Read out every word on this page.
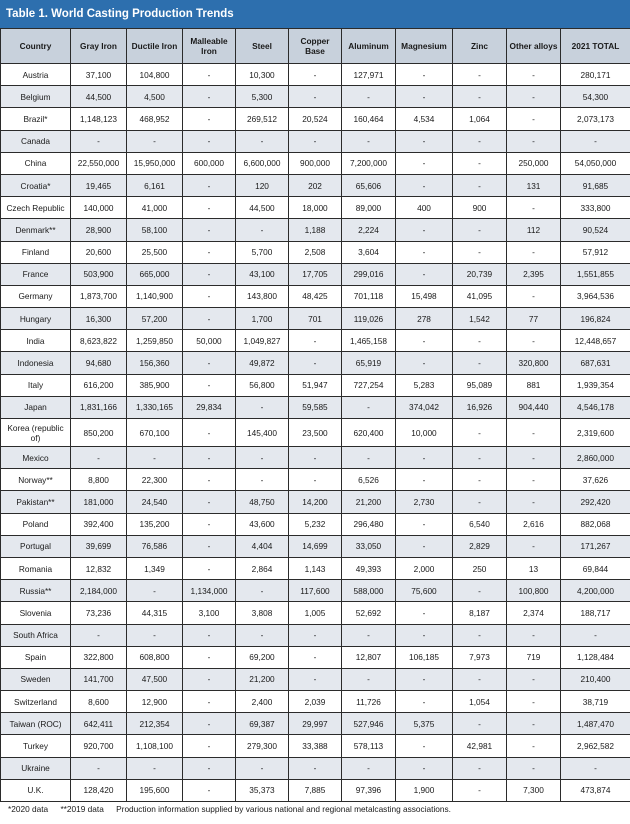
Table 1. World Casting Production Trends
Country	Gray Iron	Ductile Iron	Malleable Iron	Steel	Copper Base	Aluminum	Magnesium	Zinc	Other alloys	2021 TOTAL
Austria	37,100	104,800	-	10,300	-	127,971	-	-	-	280,171
Belgium	44,500	4,500	-	5,300	-	-	-	-	-	54,300
Brazil*	1,148,123	468,952	-	269,512	20,524	160,464	4,534	1,064	-	2,073,173
Canada	-	-	-	-	-	-	-	-	-	-
China	22,550,000	15,950,000	600,000	6,600,000	900,000	7,200,000	-	-	250,000	54,050,000
Croatia*	19,465	6,161	-	120	202	65,606	-	-	131	91,685
Czech Republic	140,000	41,000	-	44,500	18,000	89,000	400	900	-	333,800
Denmark**	28,900	58,100	-	-	1,188	2,224	-	-	112	90,524
Finland	20,600	25,500	-	5,700	2,508	3,604	-	-	-	57,912
France	503,900	665,000	-	43,100	17,705	299,016	-	20,739	2,395	1,551,855
Germany	1,873,700	1,140,900	-	143,800	48,425	701,118	15,498	41,095	-	3,964,536
Hungary	16,300	57,200	-	1,700	701	119,026	278	1,542	77	196,824
India	8,623,822	1,259,850	50,000	1,049,827	-	1,465,158	-	-	-	12,448,657
Indonesia	94,680	156,360	-	49,872	-	65,919	-	-	320,800	687,631
Italy	616,200	385,900	-	56,800	51,947	727,254	5,283	95,089	881	1,939,354
Japan	1,831,166	1,330,165	29,834	-	59,585	-	374,042	16,926	904,440	4,546,178
Korea (republic of)	850,200	670,100	-	145,400	23,500	620,400	10,000	-	-	2,319,600
Mexico	-	-	-	-	-	-	-	-	-	2,860,000
Norway**	8,800	22,300	-	-	-	6,526	-	-	-	37,626
Pakistan**	181,000	24,540	-	48,750	14,200	21,200	2,730	-	-	292,420
Poland	392,400	135,200	-	43,600	5,232	296,480	-	6,540	2,616	882,068
Portugal	39,699	76,586	-	4,404	14,699	33,050	-	2,829	-	171,267
Romania	12,832	1,349	-	2,864	1,143	49,393	2,000	250	13	69,844
Russia**	2,184,000	-	1,134,000	-	117,600	588,000	75,600	-	100,800	4,200,000
Slovenia	73,236	44,315	3,100	3,808	1,005	52,692	-	8,187	2,374	188,717
South Africa	-	-	-	-	-	-	-	-	-	-
Spain	322,800	608,800	-	69,200	-	12,807	106,185	7,973	719	1,128,484
Sweden	141,700	47,500	-	21,200	-	-	-	-	-	210,400
Switzerland	8,600	12,900	-	2,400	2,039	11,726	-	1,054	-	38,719
Taiwan (ROC)	642,411	212,354	-	69,387	29,997	527,946	5,375	-	-	1,487,470
Turkey	920,700	1,108,100	-	279,300	33,388	578,113	-	42,981	-	2,962,582
Ukraine	-	-	-	-	-	-	-	-	-	-
U.K.	128,420	195,600	-	35,373	7,885	97,396	1,900	-	7,300	473,874
*2020 data **2019 data Production information supplied by various national and regional metalcasting associations.
